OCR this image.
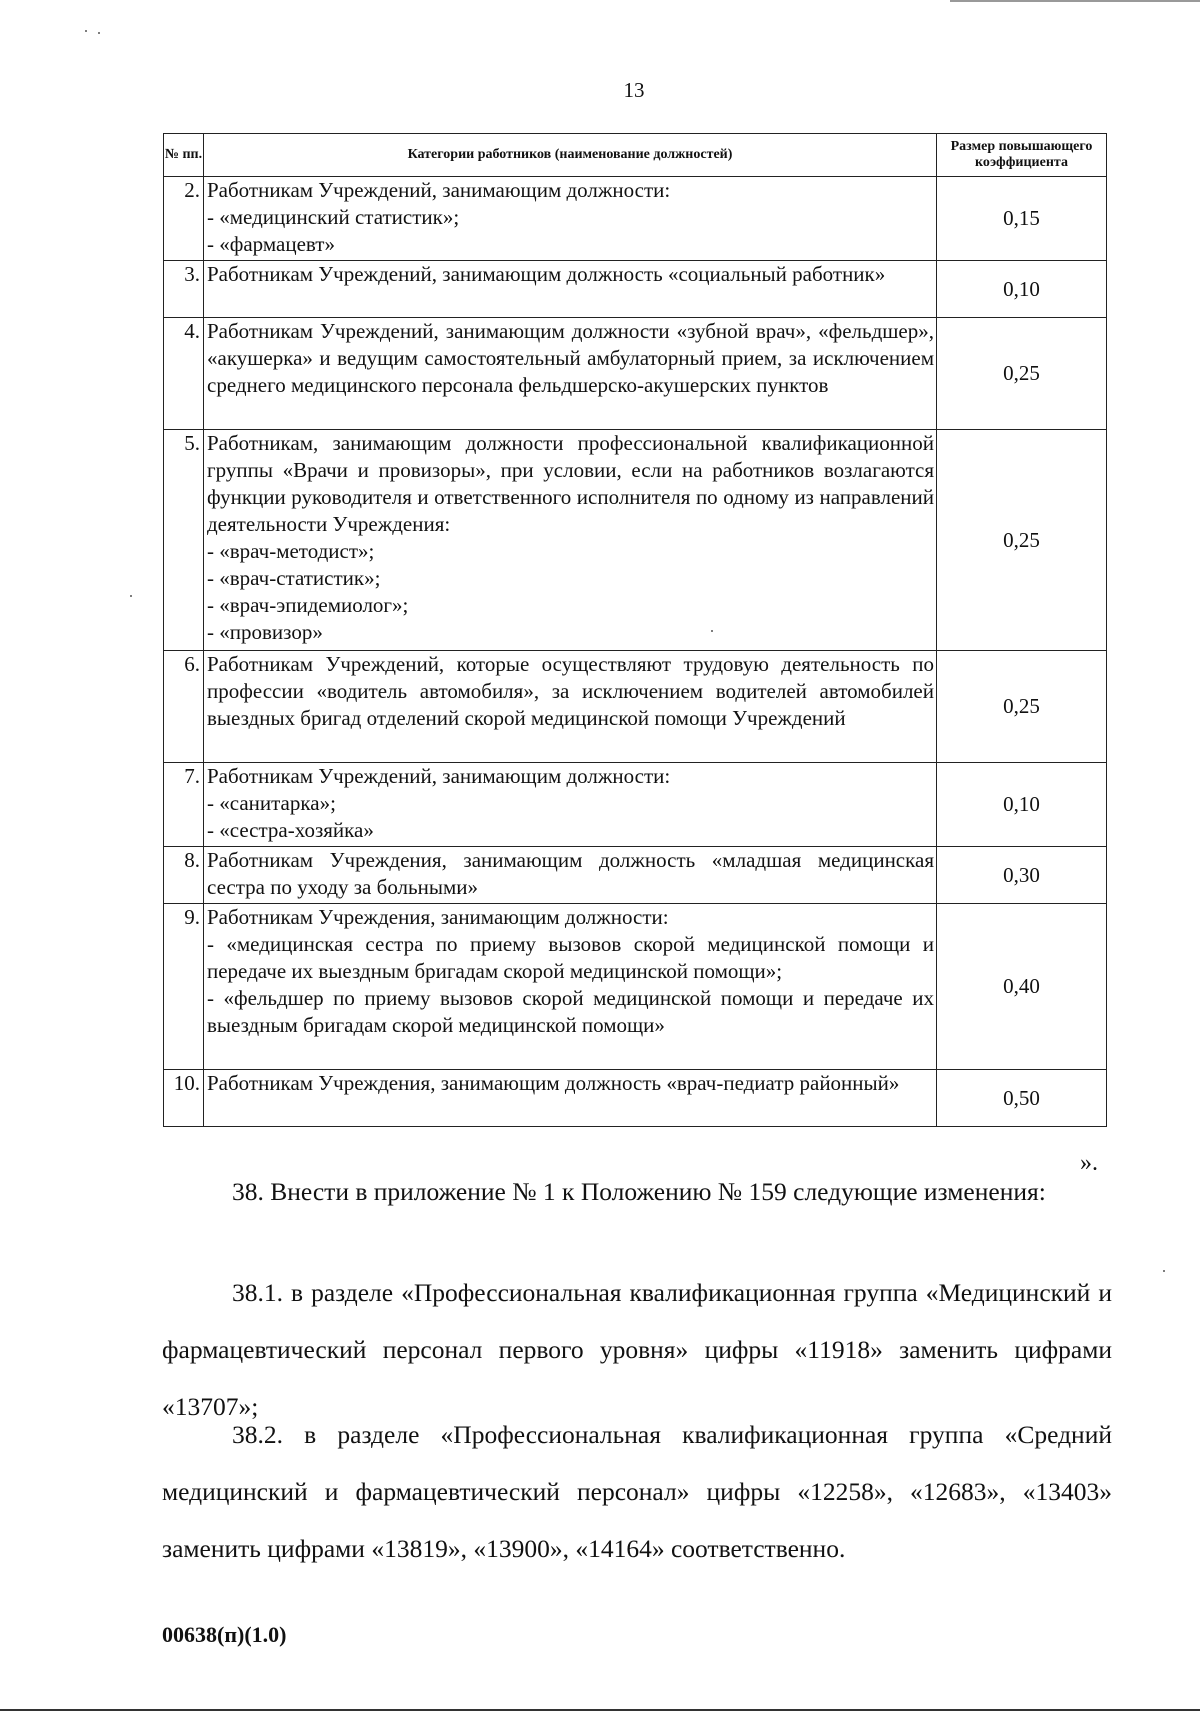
13
№ пп.	Категории работников (наименование должностей)	Размер повышающего коэффициента
2.	Работникам Учреждений, занимающим должности:
- «медицинский статистик»;
- «фармацевт»	0,15
3.	Работникам Учреждений, занимающим должность «социальный работник»	0,10
4.	Работникам Учреждений, занимающим должности «зубной врач», «фельдшер», «акушерка» и ведущим самостоятельный амбулаторный прием, за исключением среднего медицинского персонала фельдшерско-акушерских пунктов	0,25
5.	Работникам, занимающим должности профессиональной квалификационной группы «Врачи и провизоры», при условии, если на работников возлагаются функции руководителя и ответственного исполнителя по одному из направлений деятельности Учреждения:
- «врач-методист»;
- «врач-статистик»;
- «врач-эпидемиолог»;
- «провизор»	0,25
6.	Работникам Учреждений, которые осуществляют трудовую деятельность по профессии «водитель автомобиля», за исключением водителей автомобилей выездных бригад отделений скорой медицинской помощи Учреждений	0,25
7.	Работникам Учреждений, занимающим должности:
- «санитарка»;
- «сестра-хозяйка»	0,10
8.	Работникам Учреждения, занимающим должность «младшая медицинская сестра по уходу за больными»	0,30
9.	Работникам Учреждения, занимающим должности:
- «медицинская сестра по приему вызовов скорой медицинской помощи и передаче их выездным бригадам скорой медицинской помощи»;
- «фельдшер по приему вызовов скорой медицинской помощи и передаче их выездным бригадам скорой медицинской помощи»	0,40
10.	Работникам Учреждения, занимающим должность «врач-педиатр районный»	0,50
».
38. Внести в приложение № 1 к Положению № 159 следующие изменения:
38.1. в разделе «Профессиональная квалификационная группа «Медицинский и фармацевтический персонал первого уровня» цифры «11918» заменить цифрами «13707»;
38.2. в разделе «Профессиональная квалификационная группа «Средний медицинский и фармацевтический персонал» цифры «12258», «12683», «13403» заменить цифрами «13819», «13900», «14164» соответственно.
00638(п)(1.0)
